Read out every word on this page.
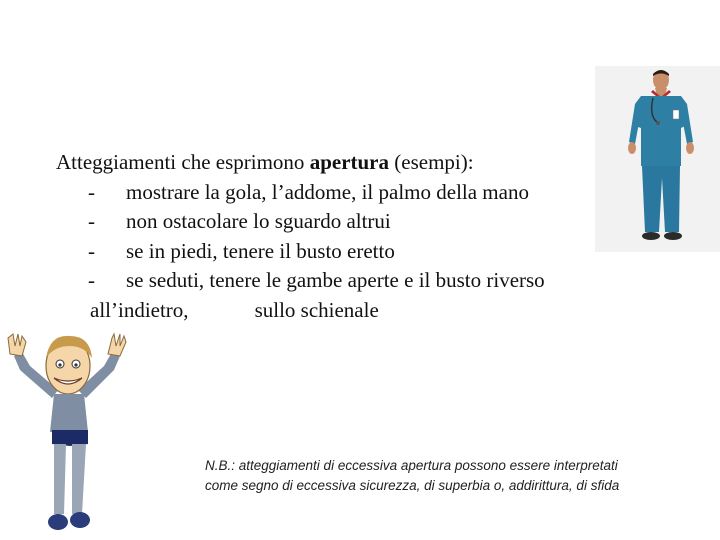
Atteggiamenti che esprimono apertura (esempi):
-	mostrare la gola, l’addome, il palmo della mano
-	non ostacolare lo sguardo altrui
-	se in piedi, tenere il busto eretto
-	se seduti, tenere le gambe aperte e il busto riverso
all’indietro,	sullo schienale
N.B.: atteggiamenti di eccessiva apertura possono essere interpretati
come segno di eccessiva sicurezza, di superbia o, addirittura, di sfida
